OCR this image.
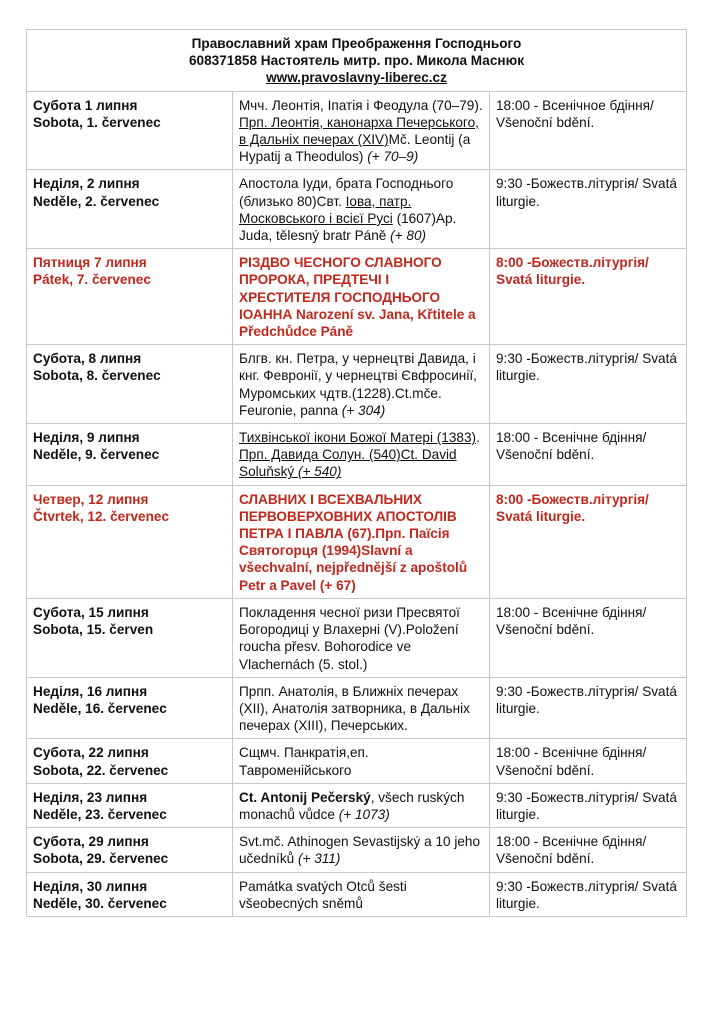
Православний храм Преображення Господнього
608371858 Настоятель митр. про. Микола Маснюк
www.pravoslavny-liberec.cz		

Субота 1 липня
Sobota, 1. červenec	Мчч. Леонтія, Іпатія і Феодула (70–79). Прп. Леонтія, канонарха Печерського, в Дальніх печерах (XIV)Мč. Leontij (a Hypatij a Theodulos) (+ 70–9)	18:00 - Всенічное бдіння/ Všenoční bdění.

Неділя, 2 липня
Neděle, 2. červenec	Апостола Іуди, брата Господнього (близько 80)Свт. Іова, патр. Московського і всієї Русі (1607)Ap. Juda, tělesný bratr Páně (+ 80)	9:30 -Божеств.літургія/ Svatá liturgie.

Пятниця 7 липня
Pátek, 7. červenec	РІЗДВО ЧЕСНОГО СЛАВНОГО ПРОРОКА, ПРЕДТЕЧІ І ХРЕСТИТЕЛЯ ГОСПОДНЬОГО ІОАННА Narození sv. Jana, Křtitele a Předchůdce Páně	8:00 -Божеств.літургія/ Svatá liturgie.

Субота, 8 липня
Sobota, 8. červenec	Блгв. кн. Петра, у чернецтві Давида, і кнг. Февронії, у чернецтві Євфросинії, Муромських чдтв.(1228).Ct.mče. Feuronie, panna (+ 304)	9:30 -Божеств.літургія/ Svatá liturgie.

Неділя, 9 липня
Neděle, 9. červenec	Тихвінської ікони Божої Матері (1383). Прп. Давида Солун. (540)Ct. David Soluňský (+ 540)	18:00 - Всенічне бдіння/ Všenoční bdění.

Четвер, 12 липня
Čtvrtek, 12. červenec	СЛАВНИХ І ВСЕХВАЛЬНИХ ПЕРВОВЕРХОВНИХ АПОСТОЛІВ ПЕТРА І ПАВЛА (67).Прп. Паїсія Святогорця (1994)Slavní a všechvalní, nejpřednější z apoštolů Petr a Pavel (+ 67)	8:00 -Божеств.літургія/ Svatá liturgie.

Субота, 15 липня
Sobota, 15. červen	Покладення чесної ризи Пресвятої Богородиці у Влахерні (V).Položení roucha přesv. Bohorodice ve Vlachernách (5. stol.)	18:00 - Всенічне бдіння/ Všenoční bdění.

Неділя, 16 липня
Neděle, 16. červenec	Прпп. Анатолія, в Ближніх печерах (XII), Анатолія затворника, в Дальніх печерах (XIII), Печерських.	9:30 -Божеств.літургія/ Svatá liturgie.

Субота, 22 липня
Sobota, 22. červenec	Сщмч. Панкратія,еп. Тавроменійського	18:00 - Всенічне бдіння/ Všenoční bdění.

Неділя, 23 липня
Neděle, 23. červenec	Ct. Antonij Pečerský, všech ruských monachů vůdce (+ 1073)	9:30 -Божеств.літургія/ Svatá liturgie.

Субота, 29 липня
Sobota, 29. červenec	Svt.mč. Athinogen Sevastijský a 10 jeho učedníků (+ 311)	18:00 - Всенічне бдіння/ Všenoční bdění.

Неділя, 30 липня
Neděle, 30. červenec	Památka svatých Otců šesti všeobecných sněmů	9:30 -Божеств.літургія/ Svatá liturgie.
